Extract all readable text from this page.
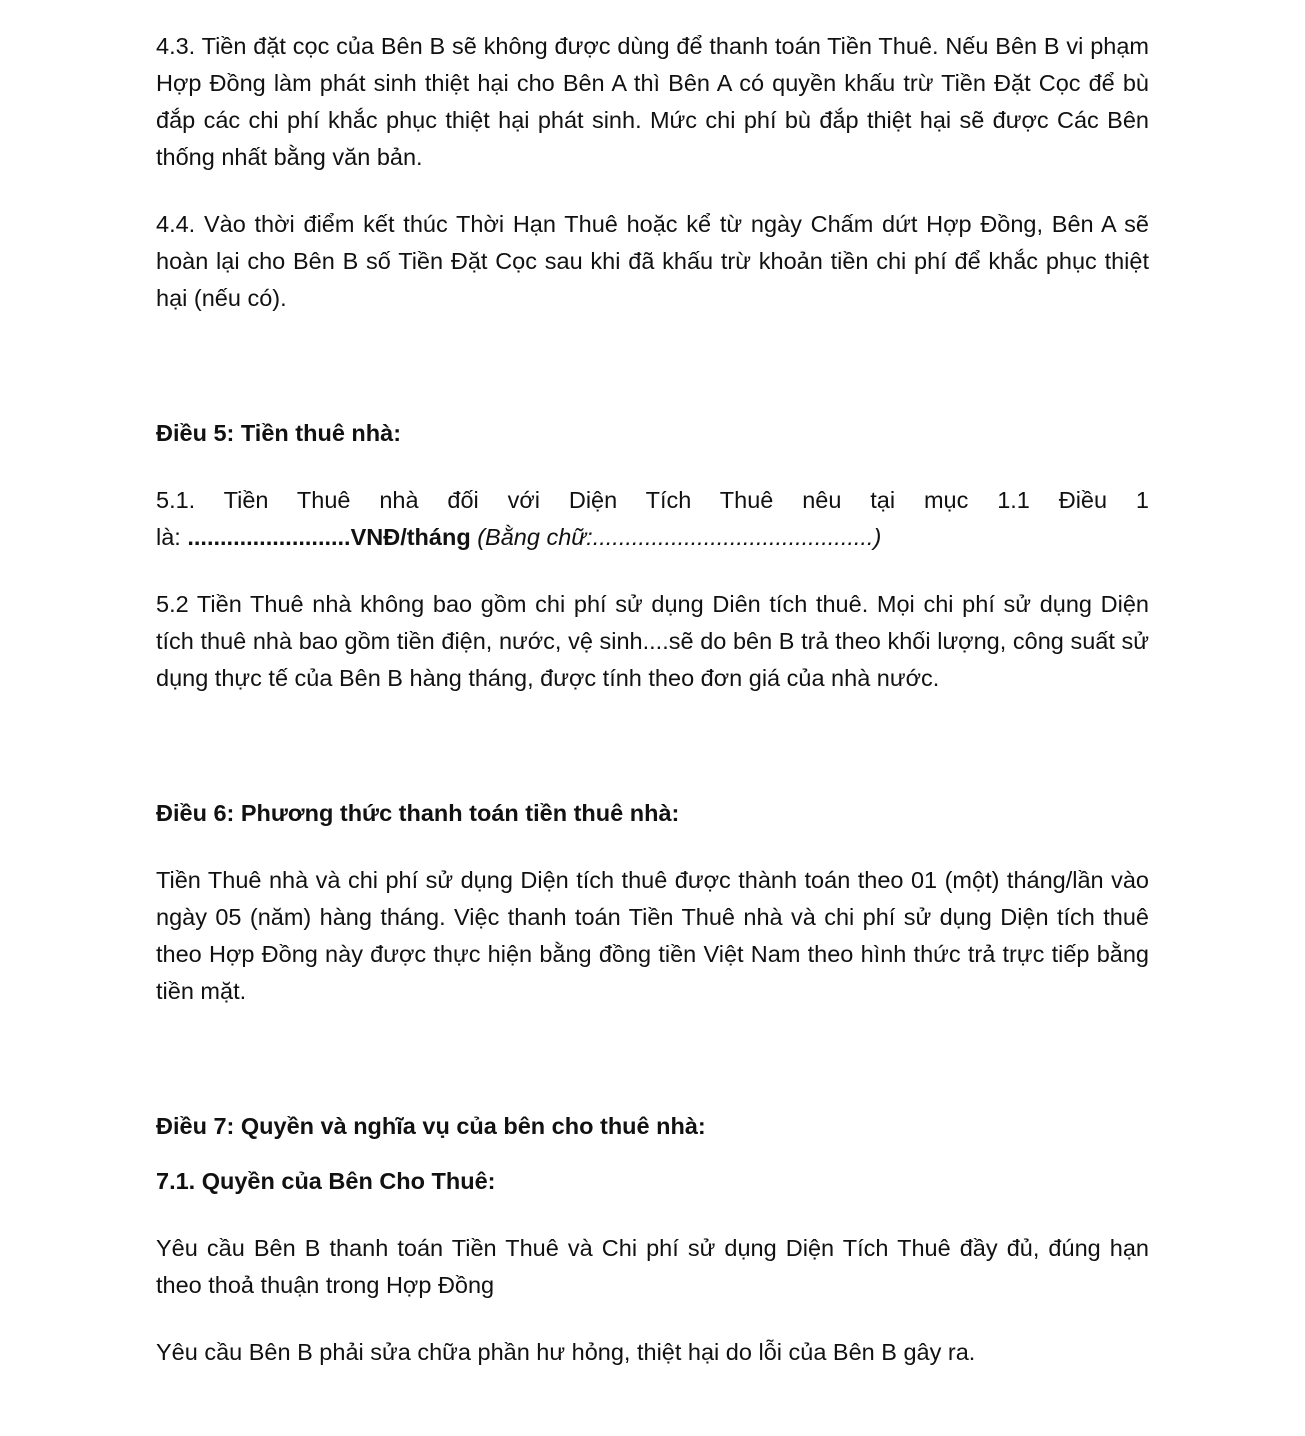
4.3. Tiền đặt cọc của Bên B sẽ không được dùng để thanh toán Tiền Thuê. Nếu Bên B vi phạm Hợp Đồng làm phát sinh thiệt hại cho Bên A thì Bên A có quyền khấu trừ Tiền Đặt Cọc để bù đắp các chi phí khắc phục thiệt hại phát sinh. Mức chi phí bù đắp thiệt hại sẽ được Các Bên thống nhất bằng văn bản.

4.4. Vào thời điểm kết thúc Thời Hạn Thuê hoặc kể từ ngày Chấm dứt Hợp Đồng, Bên A sẽ hoàn lại cho Bên B số Tiền Đặt Cọc sau khi đã khấu trừ khoản tiền chi phí để khắc phục thiệt hại (nếu có).

Điều 5: Tiền thuê nhà:

5.1. Tiền Thuê nhà đối với Diện Tích Thuê nêu tại mục 1.1 Điều 1
là: .........................VNĐ/tháng (Bằng chữ:...........................................)

5.2 Tiền Thuê nhà không bao gồm chi phí sử dụng Diên tích thuê. Mọi chi phí sử dụng Diện tích thuê nhà bao gồm tiền điện, nước, vệ sinh....sẽ do bên B trả theo khối lượng, công suất sử dụng thực tế của Bên B hàng tháng, được tính theo đơn giá của nhà nước.

Điều 6: Phương thức thanh toán tiền thuê nhà:

Tiền Thuê nhà và chi phí sử dụng Diện tích thuê được thành toán theo 01 (một) tháng/lần vào ngày 05 (năm) hàng tháng. Việc thanh toán Tiền Thuê nhà và chi phí sử dụng Diện tích thuê theo Hợp Đồng này được thực hiện bằng đồng tiền Việt Nam theo hình thức trả trực tiếp bằng tiền mặt.

Điều 7: Quyền và nghĩa vụ của bên cho thuê nhà:

7.1. Quyền của Bên Cho Thuê:

Yêu cầu Bên B thanh toán Tiền Thuê và Chi phí sử dụng Diện Tích Thuê đầy đủ, đúng hạn theo thoả thuận trong Hợp Đồng

Yêu cầu Bên B phải sửa chữa phần hư hỏng, thiệt hại do lỗi của Bên B gây ra.
